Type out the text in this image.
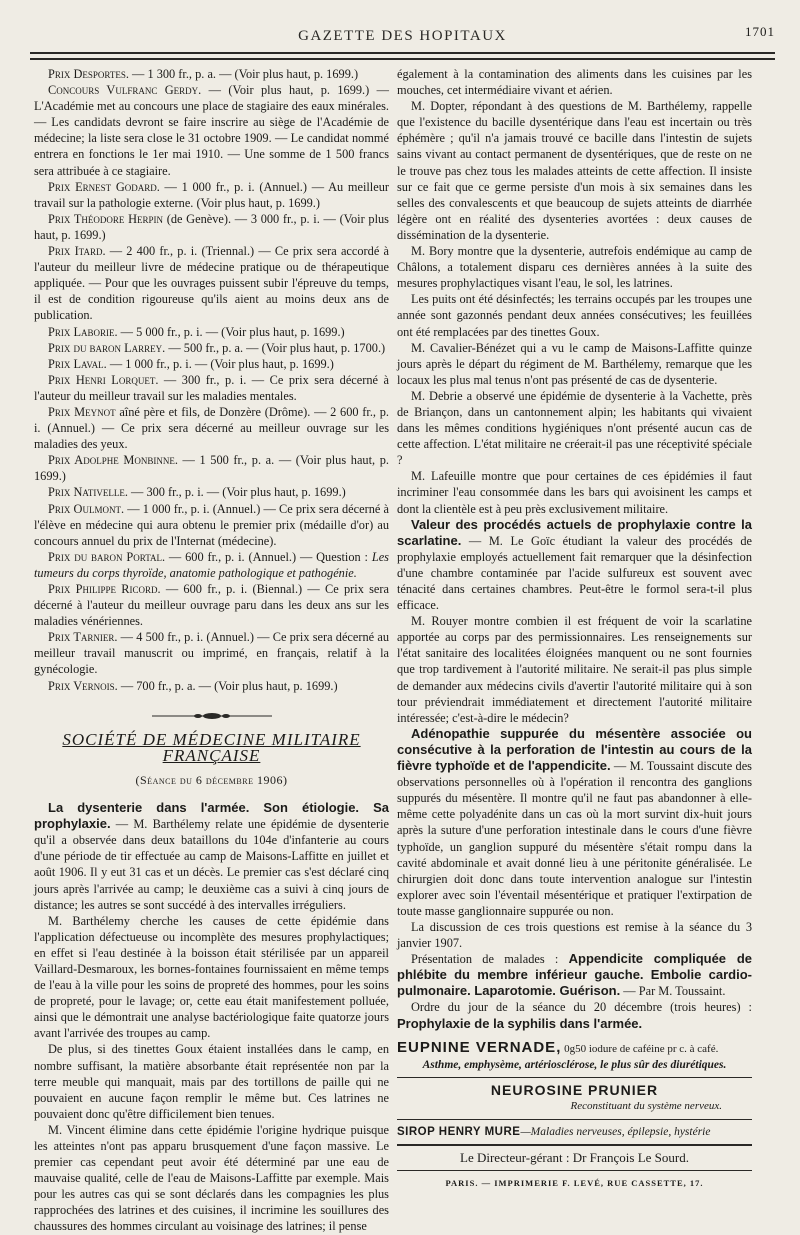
GAZETTE DES HOPITAUX	1701

Prix Desportes. — 1 300 fr., p. a. — (Voir plus haut, p. 1699.)

Concours Vulfranc Gerdy. — (Voir plus haut, p. 1699.) — L'Académie met au concours une place de stagiaire des eaux minérales. — Les candidats devront se faire inscrire au siège de l'Académie de médecine; la liste sera close le 31 octobre 1909. — Le candidat nommé entrera en fonctions le 1er mai 1910. — Une somme de 1 500 francs sera attribuée à ce stagiaire.

Prix Ernest Godard. — 1 000 fr., p. i. (Annuel.) — Au meilleur travail sur la pathologie externe. (Voir plus haut, p. 1699.)

Prix Théodore Herpin (de Genève). — 3 000 fr., p. i. — (Voir plus haut, p. 1699.)

Prix Itard. — 2 400 fr., p. i. (Triennal.) — Ce prix sera accordé à l'auteur du meilleur livre de médecine pratique ou de thérapeutique appliquée. — Pour que les ouvrages puissent subir l'épreuve du temps, il est de condition rigoureuse qu'ils aient au moins deux ans de publication.

Prix Laborie. — 5 000 fr., p. i. — (Voir plus haut, p. 1699.)

Prix du baron Larrey. — 500 fr., p. a. — (Voir plus haut, p. 1700.)

Prix Laval. — 1 000 fr., p. i. — (Voir plus haut, p. 1699.)

Prix Henri Lorquet. — 300 fr., p. i. — Ce prix sera décerné à l'auteur du meilleur travail sur les maladies mentales.

Prix Meynot aîné père et fils, de Donzère (Drôme). — 2 600 fr., p. i. (Annuel.) — Ce prix sera décerné au meilleur ouvrage sur les maladies des yeux.

Prix Adolphe Monbinne. — 1 500 fr., p. a. — (Voir plus haut, p. 1699.)

Prix Nativelle. — 300 fr., p. i. — (Voir plus haut, p. 1699.)

Prix Oulmont. — 1 000 fr., p. i. (Annuel.) — Ce prix sera décerné à l'élève en médecine qui aura obtenu le premier prix (médaille d'or) au concours annuel du prix de l'Internat (médecine).

Prix du baron Portal. — 600 fr., p. i. (Annuel.) — Question : Les tumeurs du corps thyroïde, anatomie pathologique et pathogénie.

Prix Philippe Ricord. — 600 fr., p. i. (Biennal.) — Ce prix sera décerné à l'auteur du meilleur ouvrage paru dans les deux ans sur les maladies vénériennes.

Prix Tarnier. — 4 500 fr., p. i. (Annuel.) — Ce prix sera décerné au meilleur travail manuscrit ou imprimé, en français, relatif à la gynécologie.

Prix Vernois. — 700 fr., p. a. — (Voir plus haut, p. 1699.)

SOCIÉTÉ DE MÉDECINE MILITAIRE FRANÇAISE
(Séance du 6 décembre 1906)

La dysenterie dans l'armée. Son étiologie. Sa prophylaxie. — M. Barthélemy relate une épidémie de dysenterie qu'il a observée dans deux bataillons du 104e d'infanterie au cours d'une période de tir effectuée au camp de Maisons-Laffitte en juillet et août 1906. Il y eut 31 cas et un décès. Le premier cas s'est déclaré cinq jours après l'arrivée au camp; le deuxième cas a suivi à cinq jours de distance; les autres se sont succédé à des intervalles irréguliers.

M. Barthélemy cherche les causes de cette épidémie dans l'application défectueuse ou incomplète des mesures prophylactiques; en effet si l'eau destinée à la boisson était stérilisée par un appareil Vaillard-Desmaroux, les bornes-fontaines fournissaient en même temps de l'eau à la ville pour les soins de propreté des hommes, pour les soins de propreté, pour le lavage; or, cette eau était manifestement polluée, ainsi que le démontrait une analyse bactériologique faite quatorze jours avant l'arrivée des troupes au camp.

De plus, si des tinettes Goux étaient installées dans le camp, en nombre suffisant, la matière absorbante était représentée non par la terre meuble qui manquait, mais par des tortillons de paille qui ne pouvaient en aucune façon remplir le même but. Ces latrines ne pouvaient donc qu'être difficilement bien tenues.

M. Vincent élimine dans cette épidémie l'origine hydrique puisque les atteintes n'ont pas apparu brusquement d'une façon massive. Le premier cas cependant peut avoir été déterminé par une eau de mauvaise qualité, celle de l'eau de Maisons-Laffitte par exemple. Mais pour les autres cas qui se sont déclarés dans les compagnies les plus rapprochées des latrines et des cuisines, il incrimine les souillures des chaussures des hommes circulant au voisinage des latrines; il pense

également à la contamination des aliments dans les cuisines par les mouches, cet intermédiaire vivant et aérien.

M. Dopter, répondant à des questions de M. Barthélemy, rappelle que l'existence du bacille dysentérique dans l'eau est incertain ou très éphémère ; qu'il n'a jamais trouvé ce bacille dans l'intestin de sujets sains vivant au contact permanent de dysentériques, que de reste on ne le trouve pas chez tous les malades atteints de cette affection. Il insiste sur ce fait que ce germe persiste d'un mois à six semaines dans les selles des convalescents et que beaucoup de sujets atteints de diarrhée légère ont en réalité des dysenteries avortées : deux causes de dissémination de la dysenterie.

M. Bory montre que la dysenterie, autrefois endémique au camp de Châlons, a totalement disparu ces dernières années à la suite des mesures prophylactiques visant l'eau, le sol, les latrines.

Les puits ont été désinfectés; les terrains occupés par les troupes une année sont gazonnés pendant deux années consécutives; les feuillées ont été remplacées par des tinettes Goux.

M. Cavalier-Bénézet qui a vu le camp de Maisons-Laffitte quinze jours après le départ du régiment de M. Barthélemy, remarque que les locaux les plus mal tenus n'ont pas présenté de cas de dysenterie.

M. Debrie a observé une épidémie de dysenterie à la Vachette, près de Briançon, dans un cantonnement alpin; les habitants qui vivaient dans les mêmes conditions hygiéniques n'ont présenté aucun cas de cette affection. L'état militaire ne créerait-il pas une réceptivité spéciale ?

M. Lafeuille montre que pour certaines de ces épidémies il faut incriminer l'eau consommée dans les bars qui avoisinent les camps et dont la clientèle est à peu près exclusivement militaire.

Valeur des procédés actuels de prophylaxie contre la scarlatine. — M. Le Goïc étudiant la valeur des procédés de prophylaxie employés actuellement fait remarquer que la désinfection d'une chambre contaminée par l'acide sulfureux est souvent avec ténacité dans certaines chambres. Peut-être le formol sera-t-il plus efficace.

M. Rouyer montre combien il est fréquent de voir la scarlatine apportée au corps par des permissionnaires. Les renseignements sur l'état sanitaire des localitées éloignées manquent ou ne sont fournies que trop tardivement à l'autorité militaire. Ne serait-il pas plus simple de demander aux médecins civils d'avertir l'autorité militaire qui à son tour préviendrait immédiatement et directement l'autorité militaire intéressée; c'est-à-dire le médecin?

Adénopathie suppurée du mésentère associée ou consécutive à la perforation de l'intestin au cours de la fièvre typhoïde et de l'appendicite. — M. Toussaint discute des observations personnelles où à l'opération il rencontra des ganglions suppurés du mésentère. Il montre qu'il ne faut pas abandonner à elle-même cette polyadénite dans un cas où la mort survint dix-huit jours après la suture d'une perforation intestinale dans le cours d'une fièvre typhoïde, un ganglion suppuré du mésentère s'était rompu dans la cavité abdominale et avait donné lieu à une péritonite généralisée. Le chirurgien doit donc dans toute intervention analogue sur l'intestin explorer avec soin l'éventail mésentérique et pratiquer l'extirpation de toute masse ganglionnaire suppurée ou non.

La discussion de ces trois questions est remise à la séance du 3 janvier 1907.

Présentation de malades : Appendicite compliquée de phlébite du membre inférieur gauche. Embolie cardio-pulmonaire. Laparotomie. Guérison. — Par M. Toussaint.

Ordre du jour de la séance du 20 décembre (trois heures) : Prophylaxie de la syphilis dans l'armée.

EUPNINE VERNADE, 0g50 iodure de caféine pr c. à café.
Asthme, emphysème, artériosclérose, le plus sûr des diurétiques.
NEUROSINE PRUNIER
Reconstituant du système nerveux.
SIROP HENRY MURE—Maladies nerveuses, épilepsie, hystérie
Le Directeur-gérant : Dr François Le Sourd.
PARIS. — IMPRIMERIE F. LEVÉ, RUE CASSETTE, 17.
